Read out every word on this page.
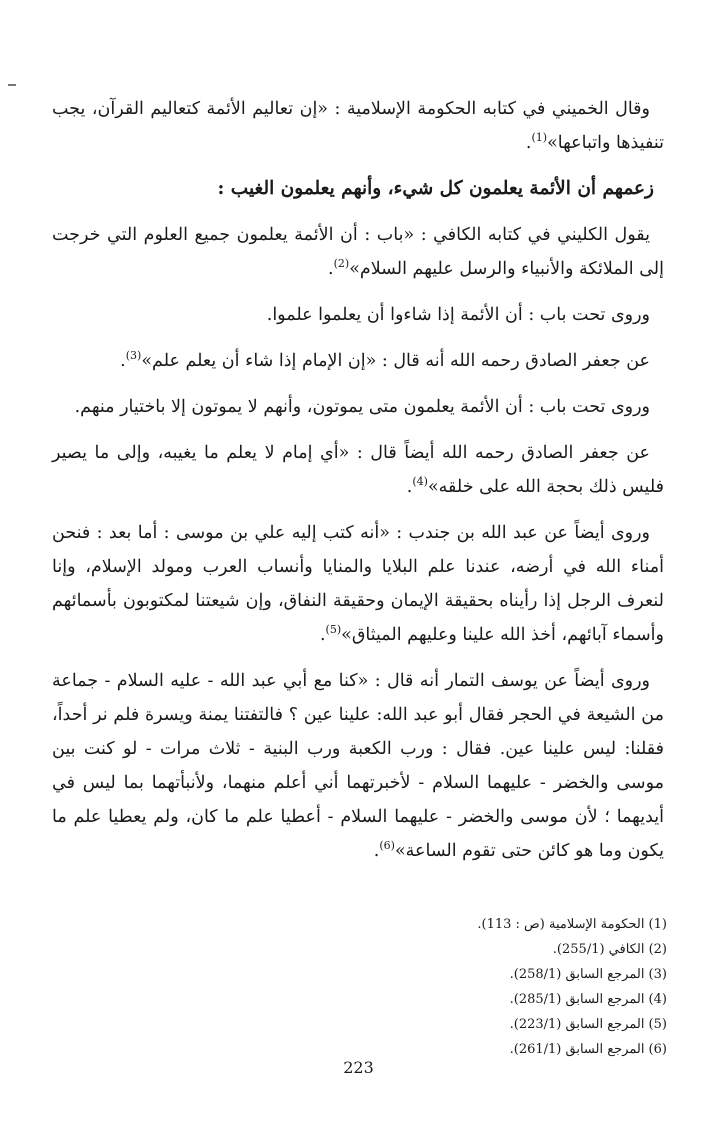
وقال الخميني في كتابه الحكومة الإسلامية : «إن تعاليم الأئمة كتعاليم القرآن، يجب تنفيذها واتباعها»$^{(1)}$.

زعمهم أن الأئمة يعلمون كل شيء، وأنهم يعلمون الغيب :

يقول الكليني في كتابه الكافي : «باب : أن الأئمة يعلمون جميع العلوم التي خرجت إلى الملائكة والأنبياء والرسل عليهم السلام»$^{(2)}$.

وروى تحت باب : أن الأئمة إذا شاءوا أن يعلموا علموا.

عن جعفر الصادق رحمه الله أنه قال : «إن الإمام إذا شاء أن يعلم علم»$^{(3)}$.

وروى تحت باب : أن الأئمة يعلمون متى يموتون، وأنهم لا يموتون إلا باختيار منهم.

عن جعفر الصادق رحمه الله أيضاً قال : «أي إمام لا يعلم ما يغيبه، وإلى ما يصير فليس ذلك بحجة الله على خلقه»$^{(4)}$.

وروى أيضاً عن عبد الله بن جندب : «أنه كتب إليه علي بن موسى : أما بعد : فنحن أمناء الله في أرضه، عندنا علم البلايا والمنايا وأنساب العرب ومولد الإسلام، وإنا لنعرف الرجل إذا رأيناه بحقيقة الإيمان وحقيقة النفاق، وإن شيعتنا لمكتوبون بأسمائهم وأسماء آبائهم، أخذ الله علينا وعليهم الميثاق»$^{(5)}$.

وروى أيضاً عن يوسف التمار أنه قال : «كنا مع أبي عبد الله - عليه السلام - جماعة من الشيعة في الحجر فقال أبو عبد الله: علينا عين ؟ فالتفتنا يمنة ويسرة فلم نر أحداً، فقلنا: ليس علينا عين. فقال : ورب الكعبة ورب البنية - ثلاث مرات - لو كنت بين موسى والخضر - عليهما السلام - لأخبرتهما أني أعلم منهما، ولأنبأتهما بما ليس في أيديهما ؛ لأن موسى والخضر - عليهما السلام - أعطيا علم ما كان، ولم يعطيا علم ما يكون وما هو كائن حتى تقوم الساعة»$^{(6)}$.

(1) الحكومة الإسلامية (ص : 113).

(2) الكافي (255/1).

(3) المرجع السابق (258/1).

(4) المرجع السابق (285/1).

(5) المرجع السابق (223/1).

(6) المرجع السابق (261/1).

223
